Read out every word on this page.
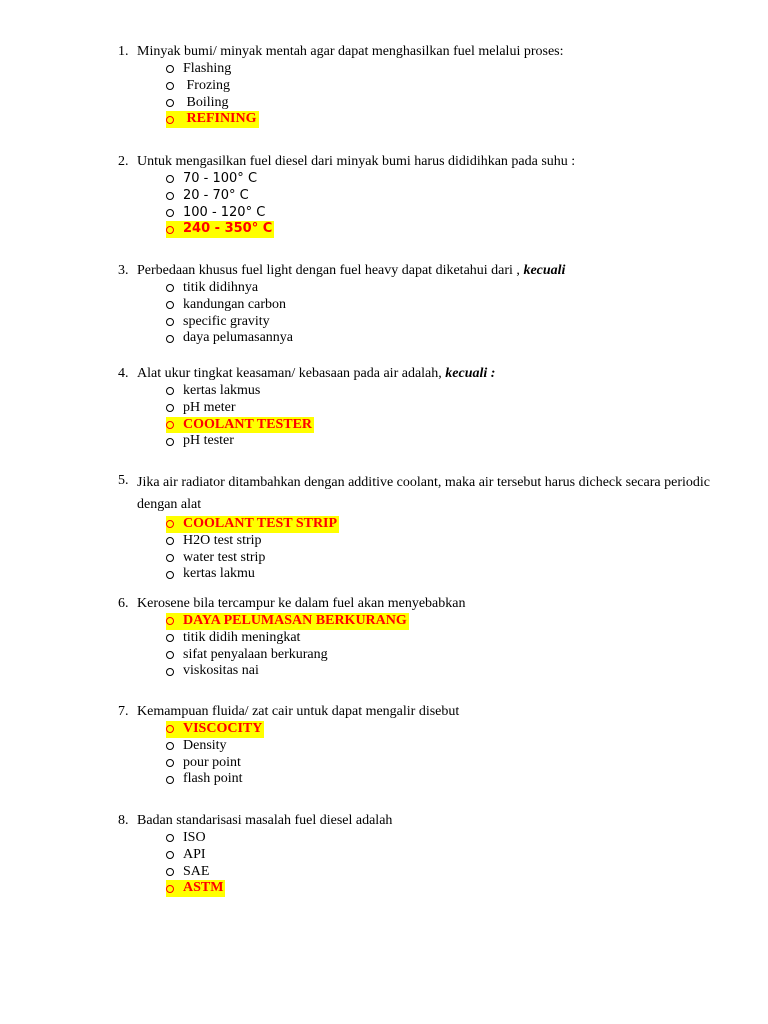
1. Minyak bumi/ minyak mentah agar dapat menghasilkan fuel melalui proses:
Flashing
Frozing
Boiling
REFINING
2. Untuk mengasilkan fuel diesel dari minyak bumi harus dididihkan pada suhu :
70 - 100° C
20 - 70° C
100 - 120° C
240 - 350° C
3. Perbedaan khusus fuel light dengan fuel heavy dapat diketahui dari , kecuali
titik didihnya
kandungan carbon
specific gravity
daya pelumasannya
4. Alat ukur tingkat keasaman/ kebasaan pada air adalah, kecuali :
kertas lakmus
pH meter
COOLANT TESTER
pH tester
5. Jika air radiator ditambahkan dengan additive coolant, maka air tersebut harus dicheck secara periodic dengan alat
COOLANT TEST STRIP
H2O test strip
water test strip
kertas lakmu
6. Kerosene bila tercampur ke dalam fuel akan menyebabkan
DAYA PELUMASAN BERKURANG
titik didih meningkat
sifat penyalaan berkurang
viskositas nai
7. Kemampuan fluida/ zat cair untuk dapat mengalir disebut
VISCOCITY
Density
pour point
flash point
8. Badan standarisasi masalah fuel diesel adalah
ISO
API
SAE
ASTM
